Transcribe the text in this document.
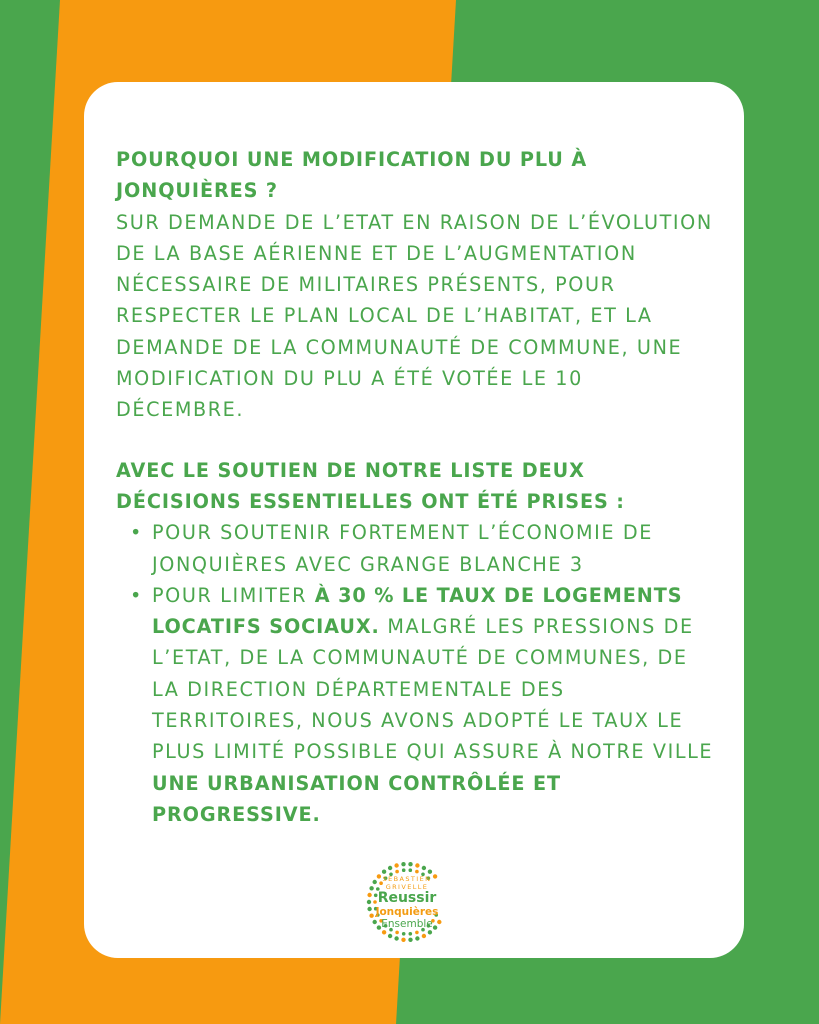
POURQUOI UNE MODIFICATION DU PLU À JONQUIÈRES ?

SUR DEMANDE DE L’ETAT EN RAISON DE L’ÉVOLUTION DE LA BASE AÉRIENNE ET DE L’AUGMENTATION NÉCESSAIRE DE MILITAIRES PRÉSENTS, POUR RESPECTER LE PLAN LOCAL DE L’HABITAT, ET LA DEMANDE DE LA COMMUNAUTÉ DE COMMUNE, UNE MODIFICATION DU PLU A ÉTÉ VOTÉE LE 10 DÉCEMBRE.

AVEC LE SOUTIEN DE NOTRE LISTE DEUX DÉCISIONS ESSENTIELLES ONT ÉTÉ PRISES :

• POUR SOUTENIR FORTEMENT L’ÉCONOMIE DE JONQUIÈRES AVEC GRANGE BLANCHE 3
• POUR LIMITER À 30 % LE TAUX DE LOGEMENTS LOCATIFS SOCIAUX. MALGRÉ LES PRESSIONS DE L’ETAT, DE LA COMMUNAUTÉ DE COMMUNES, DE LA DIRECTION DÉPARTEMENTALE DES TERRITOIRES, NOUS AVONS ADOPTÉ LE TAUX LE PLUS LIMITÉ POSSIBLE QUI ASSURE À NOTRE VILLE UNE URBANISATION CONTRÔLÉE ET PROGRESSIVE.
SEBASTIEN
GRIVELLE
Reussir
Jonquières
Ensemble
